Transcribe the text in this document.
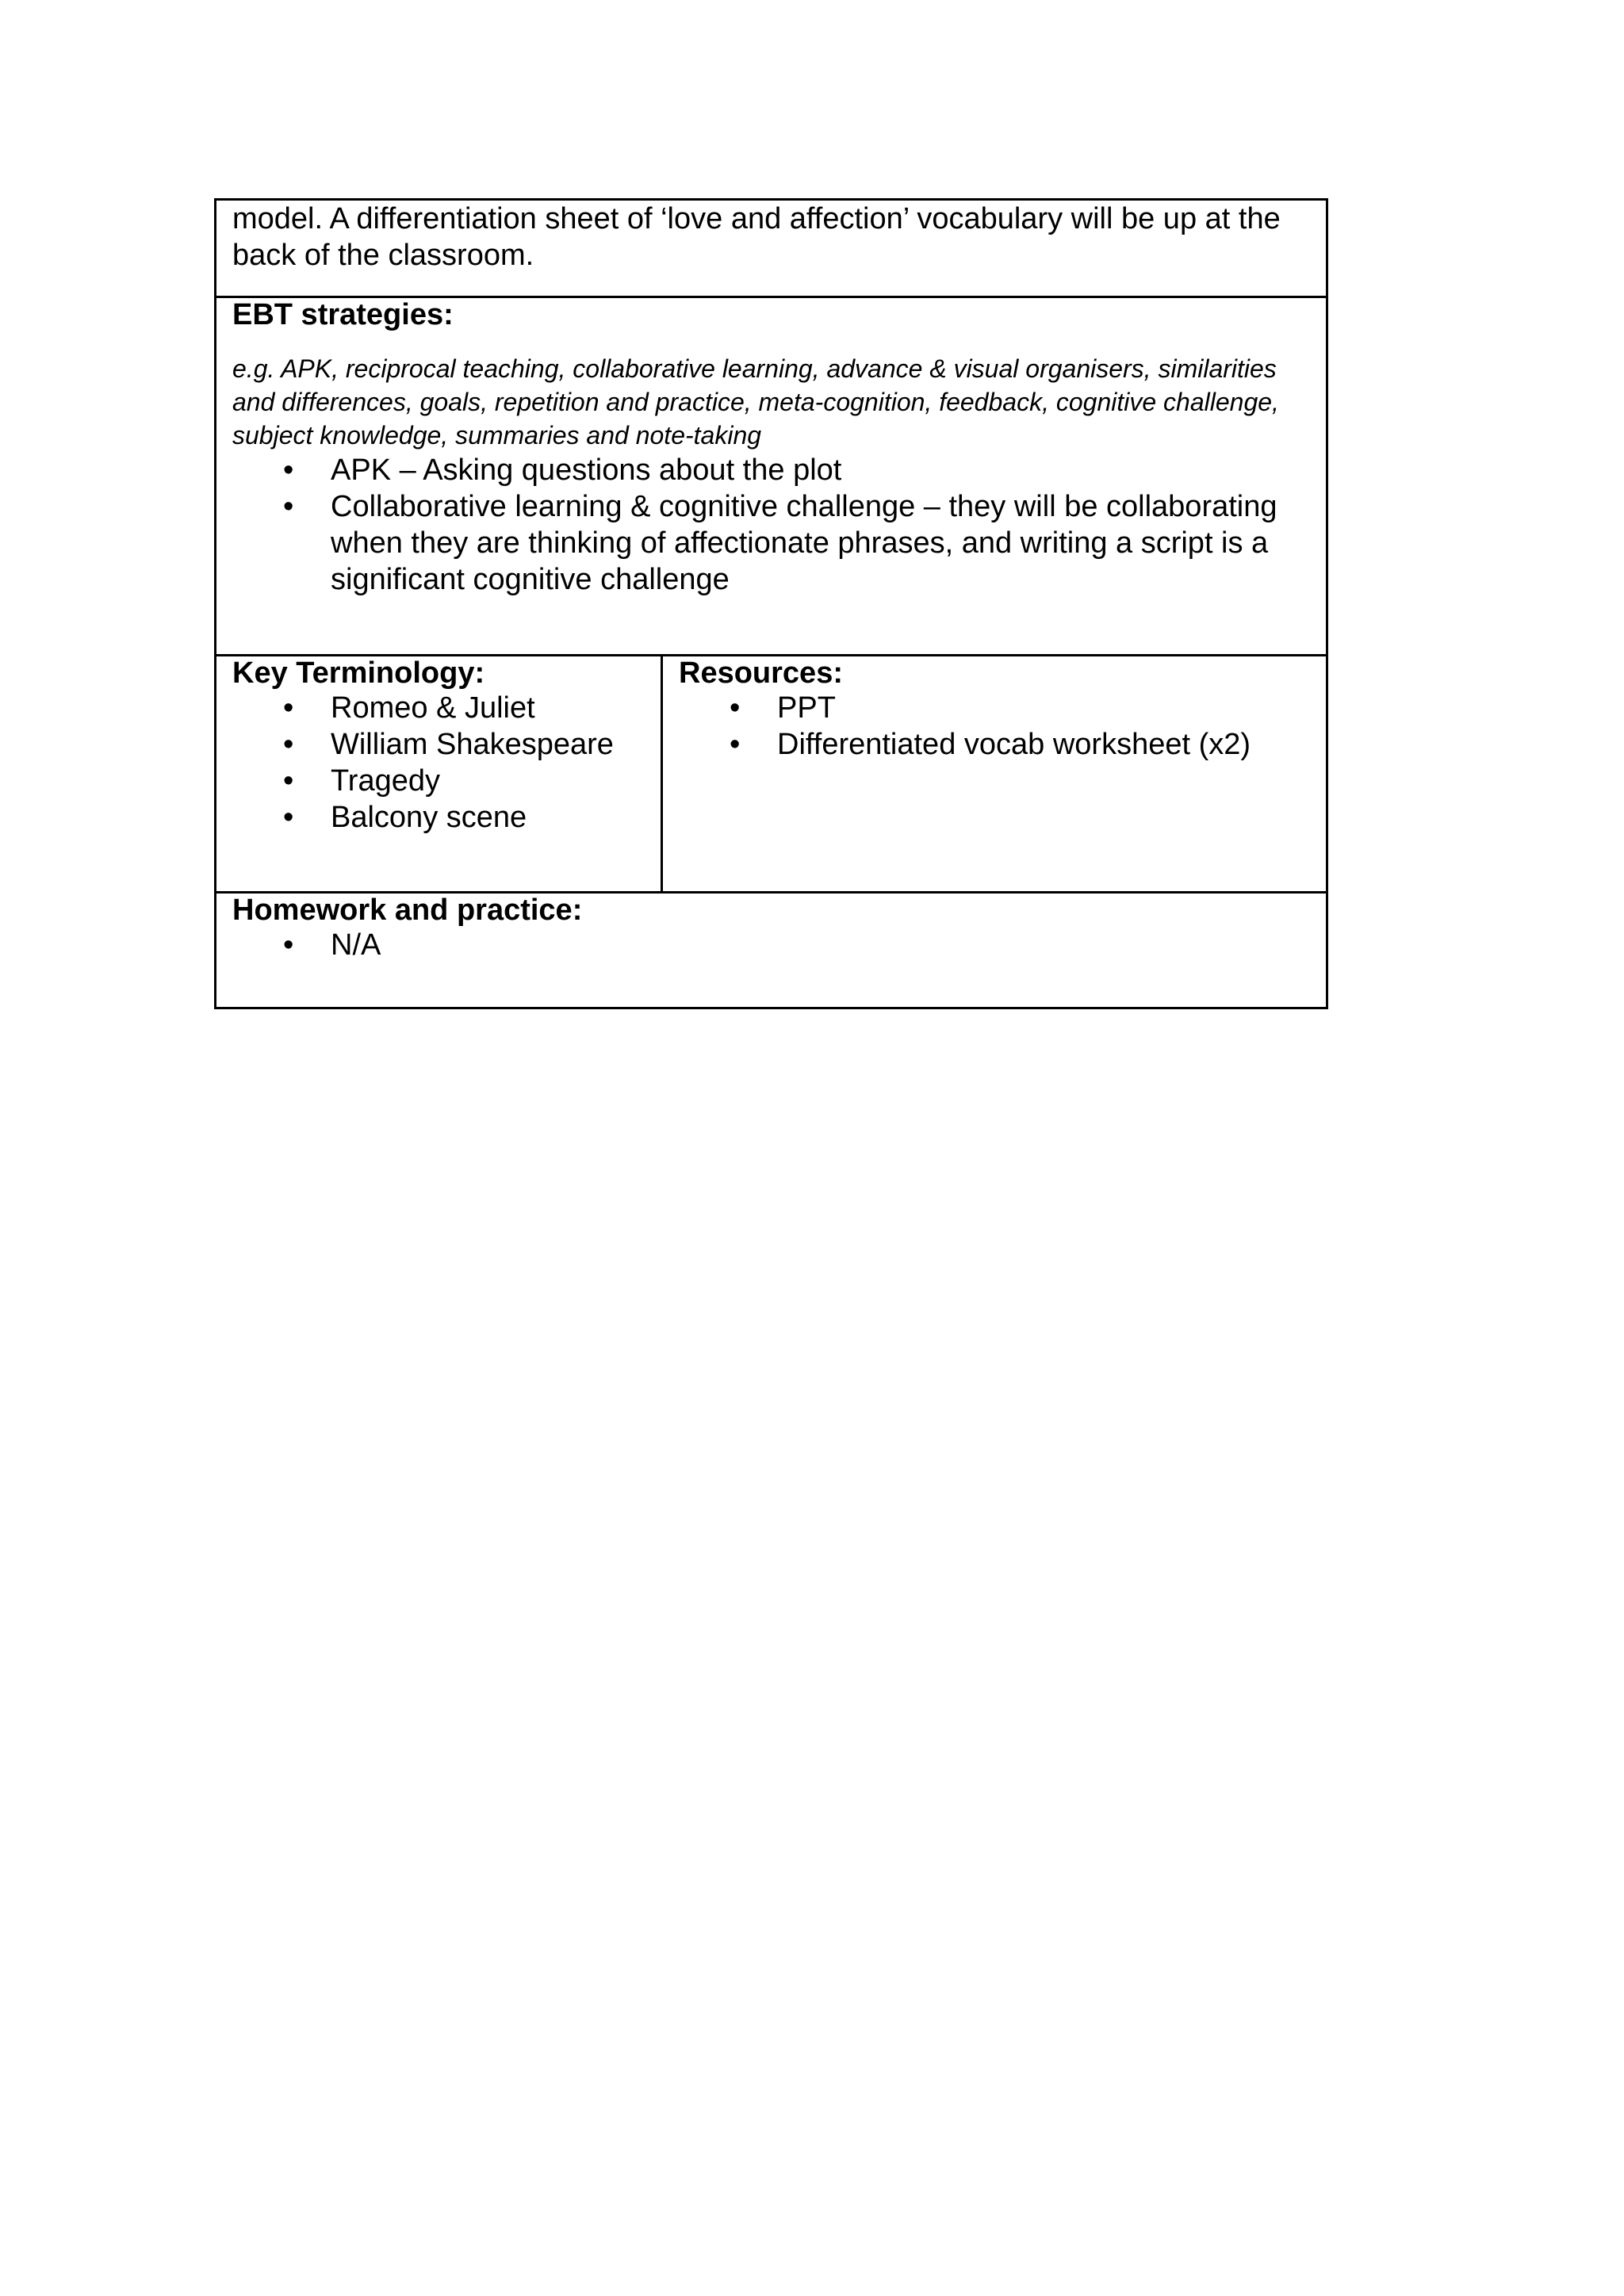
model. A differentiation sheet of ‘love and affection’ vocabulary will be up at the back of the classroom.

EBT strategies:

e.g. APK, reciprocal teaching, collaborative learning, advance & visual organisers, similarities and differences, goals, repetition and practice, meta-cognition, feedback, cognitive challenge, subject knowledge, summaries and note-taking

• APK – Asking questions about the plot
• Collaborative learning & cognitive challenge – they will be collaborating when they are thinking of affectionate phrases, and writing a script is a significant cognitive challenge

Key Terminology:

• Romeo & Juliet
• William Shakespeare
• Tragedy
• Balcony scene

Resources:

• PPT
• Differentiated vocab worksheet (x2)

Homework and practice:

• N/A
